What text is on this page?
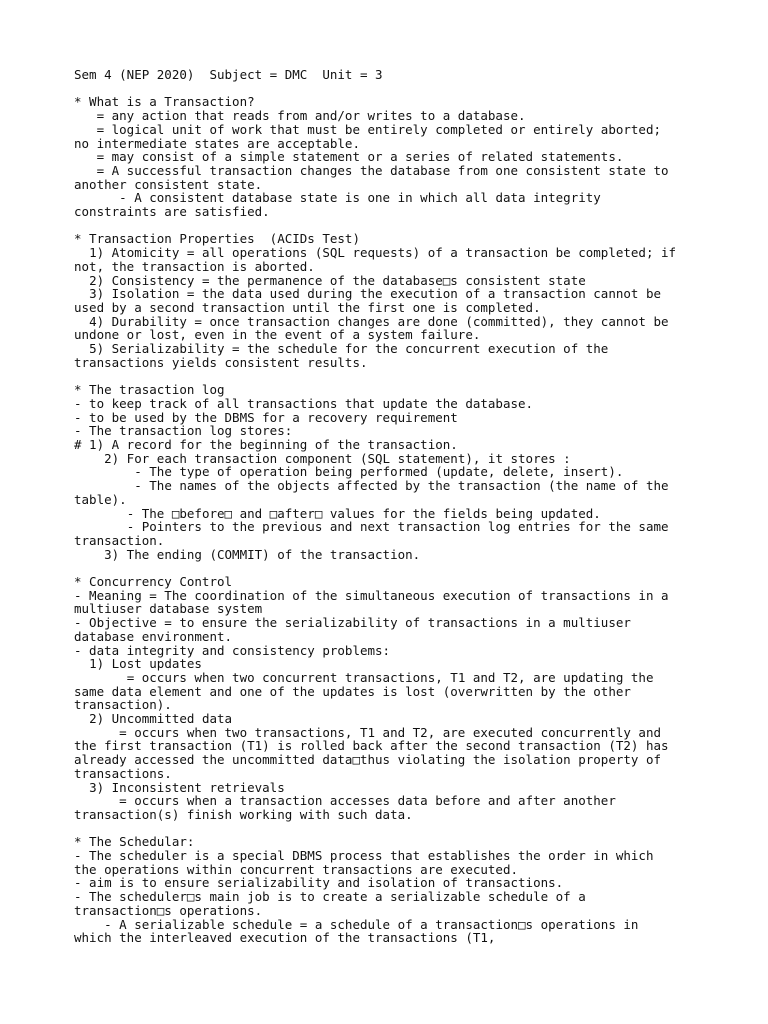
Sem 4 (NEP 2020)  Subject = DMC  Unit = 3

* What is a Transaction?
= any action that reads from and/or writes to a database.
= logical unit of work that must be entirely completed or entirely aborted;
no intermediate states are acceptable.
= may consist of a simple statement or a series of related statements.
= A successful transaction changes the database from one consistent state to
another consistent state.
- A consistent database state is one in which all data integrity
constraints are satisfied.

* Transaction Properties  (ACIDs Test)
1) Atomicity = all operations (SQL requests) of a transaction be completed; if
not, the transaction is aborted.
2) Consistency = the permanence of the database□s consistent state
3) Isolation = the data used during the execution of a transaction cannot be
used by a second transaction until the first one is completed.
4) Durability = once transaction changes are done (committed), they cannot be
undone or lost, even in the event of a system failure.
5) Serializability = the schedule for the concurrent execution of the
transactions yields consistent results.

* The trasaction log
- to keep track of all transactions that update the database.
- to be used by the DBMS for a recovery requirement
- The transaction log stores:
# 1) A record for the beginning of the transaction.
2) For each transaction component (SQL statement), it stores :
- The type of operation being performed (update, delete, insert).
- The names of the objects affected by the transaction (the name of the
table).
- The □before□ and □after□ values for the fields being updated.
- Pointers to the previous and next transaction log entries for the same
transaction.
3) The ending (COMMIT) of the transaction.

* Concurrency Control
- Meaning = The coordination of the simultaneous execution of transactions in a
multiuser database system
- Objective = to ensure the serializability of transactions in a multiuser
database environment.
- data integrity and consistency problems:
1) Lost updates
= occurs when two concurrent transactions, T1 and T2, are updating the
same data element and one of the updates is lost (overwritten by the other
transaction).
2) Uncommitted data
= occurs when two transactions, T1 and T2, are executed concurrently and
the first transaction (T1) is rolled back after the second transaction (T2) has
already accessed the uncommitted data□thus violating the isolation property of
transactions.
3) Inconsistent retrievals
= occurs when a transaction accesses data before and after another
transaction(s) finish working with such data.

* The Schedular:
- The scheduler is a special DBMS process that establishes the order in which
the operations within concurrent transactions are executed.
- aim is to ensure serializability and isolation of transactions.
- The scheduler□s main job is to create a serializable schedule of a
transaction□s operations.
- A serializable schedule = a schedule of a transaction□s operations in
which the interleaved execution of the transactions (T1,
